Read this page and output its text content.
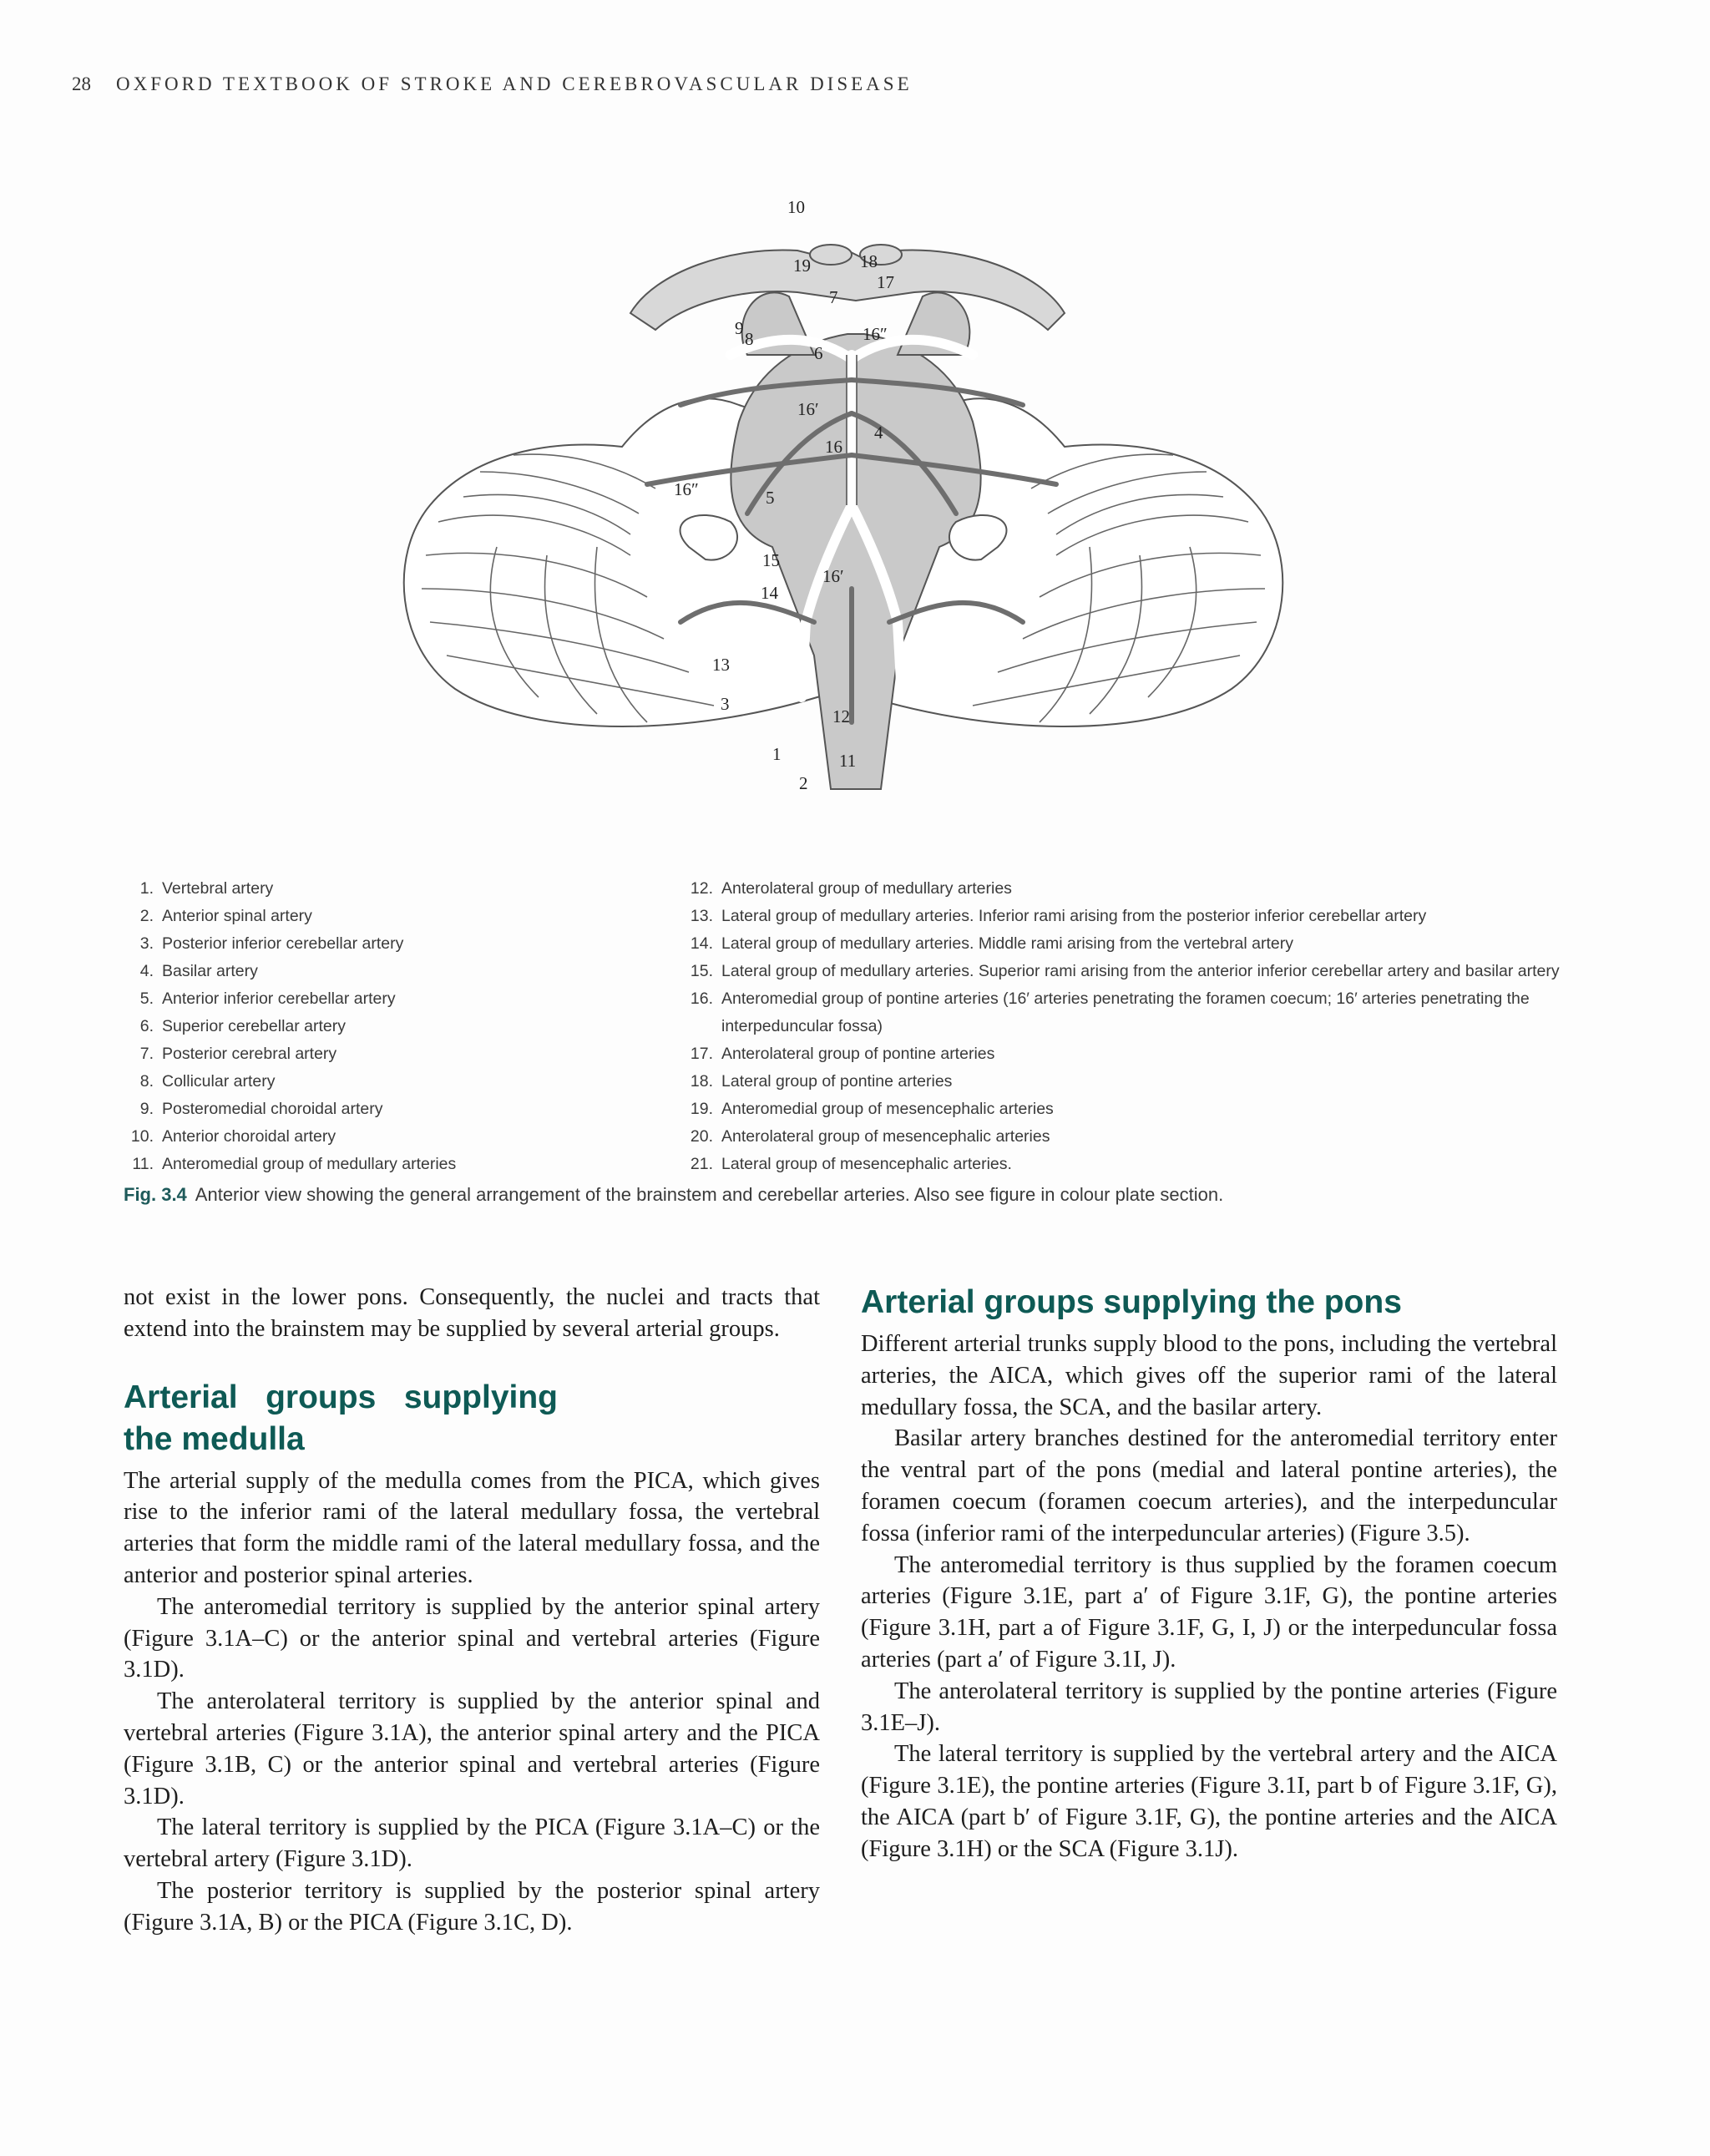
28 OXFORD TEXTBOOK OF STROKE AND CEREBROVASCULAR DISEASE
10
19	18
17
7
9
8	16″
6
16′
4
16
16″	5
15
16′
14
13
3
12
1	11
2
1. Vertebral artery
2. Anterior spinal artery
3. Posterior inferior cerebellar artery
4. Basilar artery
5. Anterior inferior cerebellar artery
6. Superior cerebellar artery
7. Posterior cerebral artery
8. Collicular artery
9. Posteromedial choroidal artery
10. Anterior choroidal artery
11. Anteromedial group of medullary arteries
12. Anterolateral group of medullary arteries
13. Lateral group of medullary arteries. Inferior rami arising from the posterior inferior cerebellar artery
14. Lateral group of medullary arteries. Middle rami arising from the vertebral artery
15. Lateral group of medullary arteries. Superior rami arising from the anterior inferior cerebellar artery and basilar artery
16. Anteromedial group of pontine arteries (16′ arteries penetrating the foramen coecum; 16′ arteries penetrating the interpeduncular fossa)
17. Anterolateral group of pontine arteries
18. Lateral group of pontine arteries
19. Anteromedial group of mesencephalic arteries
20. Anterolateral group of mesencephalic arteries
21. Lateral group of mesencephalic arteries.
Fig. 3.4 Anterior view showing the general arrangement of the brainstem and cerebellar arteries. Also see figure in colour plate section.

not exist in the lower pons. Consequently, the nuclei and tracts that extend into the brainstem may be supplied by several arterial groups.

Arterial groups supplying the medulla

The arterial supply of the medulla comes from the PICA, which gives rise to the inferior rami of the lateral medullary fossa, the vertebral arteries that form the middle rami of the lateral medullary fossa, and the anterior and posterior spinal arteries.

The anteromedial territory is supplied by the anterior spinal artery (Figure 3.1A–C) or the anterior spinal and vertebral arteries (Figure 3.1D).

The anterolateral territory is supplied by the anterior spinal and vertebral arteries (Figure 3.1A), the anterior spinal artery and the PICA (Figure 3.1B, C) or the anterior spinal and vertebral arteries (Figure 3.1D).

The lateral territory is supplied by the PICA (Figure 3.1A–C) or the vertebral artery (Figure 3.1D).

The posterior territory is supplied by the posterior spinal artery (Figure 3.1A, B) or the PICA (Figure 3.1C, D).

Arterial groups supplying the pons

Different arterial trunks supply blood to the pons, including the vertebral arteries, the AICA, which gives off the superior rami of the lateral medullary fossa, the SCA, and the basilar artery.

Basilar artery branches destined for the anteromedial territory enter the ventral part of the pons (medial and lateral pontine arteries), the foramen coecum (foramen coecum arteries), and the interpeduncular fossa (inferior rami of the interpeduncular arteries) (Figure 3.5).

The anteromedial territory is thus supplied by the foramen coecum arteries (Figure 3.1E, part a′ of Figure 3.1F, G), the pontine arteries (Figure 3.1H, part a of Figure 3.1F, G, I, J) or the interpeduncular fossa arteries (part a′ of Figure 3.1I, J).

The anterolateral territory is supplied by the pontine arteries (Figure 3.1E–J).

The lateral territory is supplied by the vertebral artery and the AICA (Figure 3.1E), the pontine arteries (Figure 3.1I, part b of Figure 3.1F, G), the AICA (part b′ of Figure 3.1F, G), the pontine arteries and the AICA (Figure 3.1H) or the SCA (Figure 3.1J).
